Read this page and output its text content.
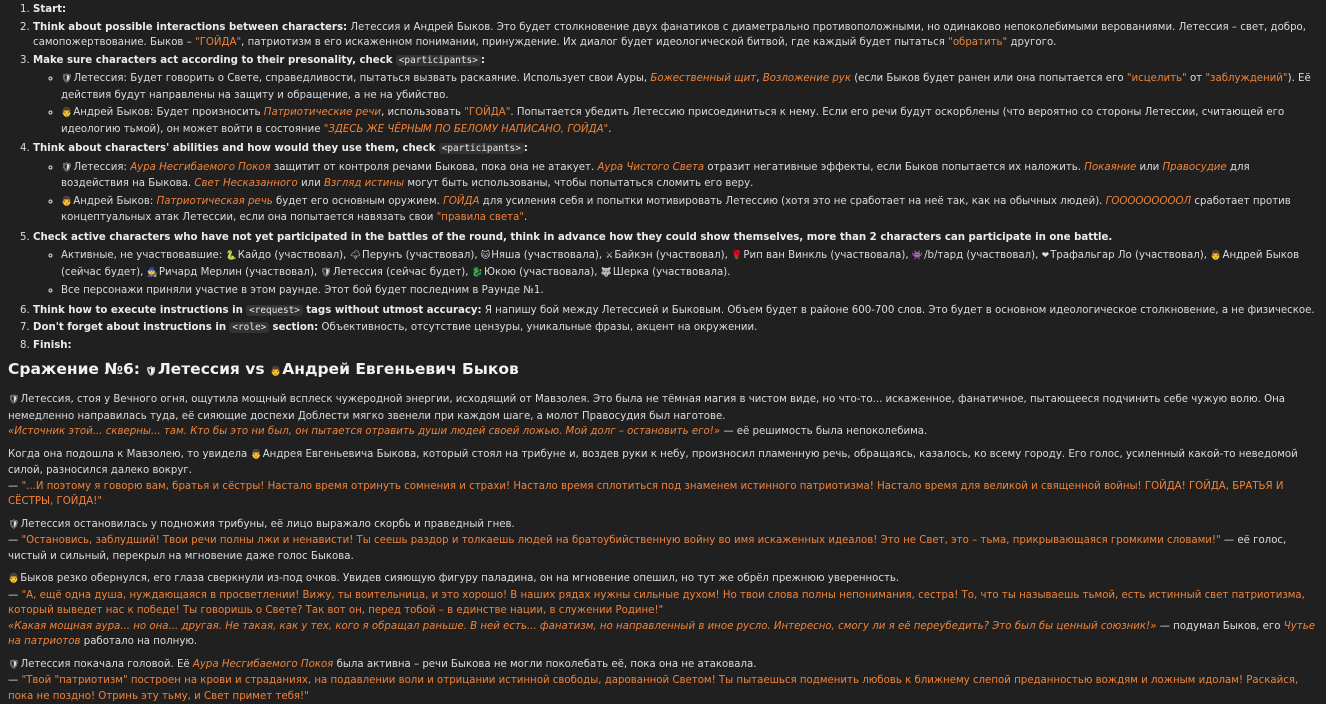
1. Start:
2. Think about possible interactions between characters: Летессия и Андрей Быков. Это будет столкновение двух фанатиков с диаметрально противоположными, но одинаково непоколебимыми верованиями. Летессия – свет, добро, самопожертвование. Быков – "ГОЙДА", патриотизм в его искаженном понимании, принуждение. Их диалог будет идеологической битвой, где каждый будет пытаться "обратить" другого.
3. Make sure characters act according to their presonality, check <participants> :
◦ 🛡Летессия: Будет говорить о Свете, справедливости, пытаться вызвать раскаяние. Использует свои Ауры, Божественный щит, Возложение рук (если Быков будет ранен или она попытается его "исцелить" от "заблуждений"). Её действия будут направлены на защиту и обращение, а не на убийство.
◦ 👨Андрей Быков: Будет произносить Патриотические речи, использовать "ГОЙДА". Попытается убедить Летессию присоединиться к нему. Если его речи будут оскорблены (что вероятно со стороны Летессии, считающей его идеологию тьмой), он может войти в состояние "ЗДЕСЬ ЖЕ ЧЁРНЫМ ПО БЕЛОМУ НАПИСАНО, ГОЙДА".
4. Think about characters' abilities and how would they use them, check <participants> :
◦ 🛡Летессия: Аура Несгибаемого Покоя защитит от контроля речами Быкова, пока она не атакует. Аура Чистого Света отразит негативные эффекты, если Быков попытается их наложить. Покаяние или Правосудие для воздействия на Быкова. Свет Несказанного или Взгляд истины могут быть использованы, чтобы попытаться сломить его веру.
◦ 👨Андрей Быков: Патриотическая речь будет его основным оружием. ГОЙДА для усиления себя и попытки мотивировать Летессию (хотя это не сработает на неё так, как на обычных людей). ГОООООООООЛ сработает против концептуальных атак Летессии, если она попытается навязать свои "правила света".
5. Check active characters who have not yet participated in the battles of the round, think in advance how they could show themselves, more than 2 characters can participate in one battle.
◦ Активные, не участвовавшие: 🐍Кайдо (участвовал), 🌩Перунъ (участвовал), 🐱Няша (участвовала), ⚔Байкэн (участвовал), 🌹Рип ван Винкль (участвовала), 👾/b/тард (участвовал), ❤Трафальгар Ло (участвовал), 👨Андрей Быков (сейчас будет), 🧙Ричард Мерлин (участвовал), 🛡Летессия (сейчас будет), 🐉Юкою (участвовала), 🐺Шерка (участвовала).
◦ Все персонажи приняли участие в этом раунде. Этот бой будет последним в Раунде №1.
6. Think how to execute instructions in <request> tags without utmost accuracy: Я напишу бой между Летессией и Быковым. Объем будет в районе 600-700 слов. Это будет в основном идеологическое столкновение, а не физическое.
7. Don't forget about instructions in <role> section: Объективность, отсутствие цензуры, уникальные фразы, акцент на окружении.
8. Finish:
Сражение №6: 🛡Летессия vs 👨Андрей Евгеньевич Быков

🛡Летессия, стоя у Вечного огня, ощутила мощный всплеск чужеродной энергии, исходящий от Мавзолея. Это была не тёмная магия в чистом виде, но что-то... искаженное, фанатичное, пытающееся подчинить себе чужую волю. Она немедленно направилась туда, её сияющие доспехи Доблести мягко звенели при каждом шаге, а молот Правосудия был наготове.
«Источник этой... скверны... там. Кто бы это ни был, он пытается отравить души людей своей ложью. Мой долг – остановить его!» — её решимость была непоколебима.

Когда она подошла к Мавзолею, то увидела 👨Андрея Евгеньевича Быкова, который стоял на трибуне и, воздев руки к небу, произносил пламенную речь, обращаясь, казалось, ко всему городу. Его голос, усиленный какой-то неведомой силой, разносился далеко вокруг.
— "...И поэтому я говорю вам, братья и сёстры! Настало время отринуть сомнения и страхи! Настало время сплотиться под знаменем истинного патриотизма! Настало время для великой и священной войны! ГОЙДА! ГОЙДА, БРАТЬЯ И СЁСТРЫ, ГОЙДА!"

🛡Летессия остановилась у подножия трибуны, её лицо выражало скорбь и праведный гнев.
— "Остановись, заблудший! Твои речи полны лжи и ненависти! Ты сеешь раздор и толкаешь людей на братоубийственную войну во имя искаженных идеалов! Это не Свет, это – тьма, прикрывающаяся громкими словами!" — её голос, чистый и сильный, перекрыл на мгновение даже голос Быкова.

👨Быков резко обернулся, его глаза сверкнули из-под очков. Увидев сияющую фигуру паладина, он на мгновение опешил, но тут же обрёл прежнюю уверенность.
— "А, ещё одна душа, нуждающаяся в просветлении! Вижу, ты воительница, и это хорошо! В наших рядах нужны сильные духом! Но твои слова полны непонимания, сестра! То, что ты называешь тьмой, есть истинный свет патриотизма, который выведет нас к победе! Ты говоришь о Свете? Так вот он, перед тобой – в единстве нации, в служении Родине!"
«Какая мощная аура... но она... другая. Не такая, как у тех, кого я обращал раньше. В ней есть... фанатизм, но направленный в иное русло. Интересно, смогу ли я её переубедить? Это был бы ценный союзник!» — подумал Быков, его Чутье на патриотов работало на полную.

🛡Летессия покачала головой. Её Аура Несгибаемого Покоя была активна – речи Быкова не могли поколебать её, пока она не атаковала.
— "Твой "патриотизм" построен на крови и страданиях, на подавлении воли и отрицании истинной свободы, дарованной Светом! Ты пытаешься подменить любовь к ближнему слепой преданностью вождям и ложным идолам! Раскайся, пока не поздно! Отринь эту тьму, и Свет примет тебя!"
